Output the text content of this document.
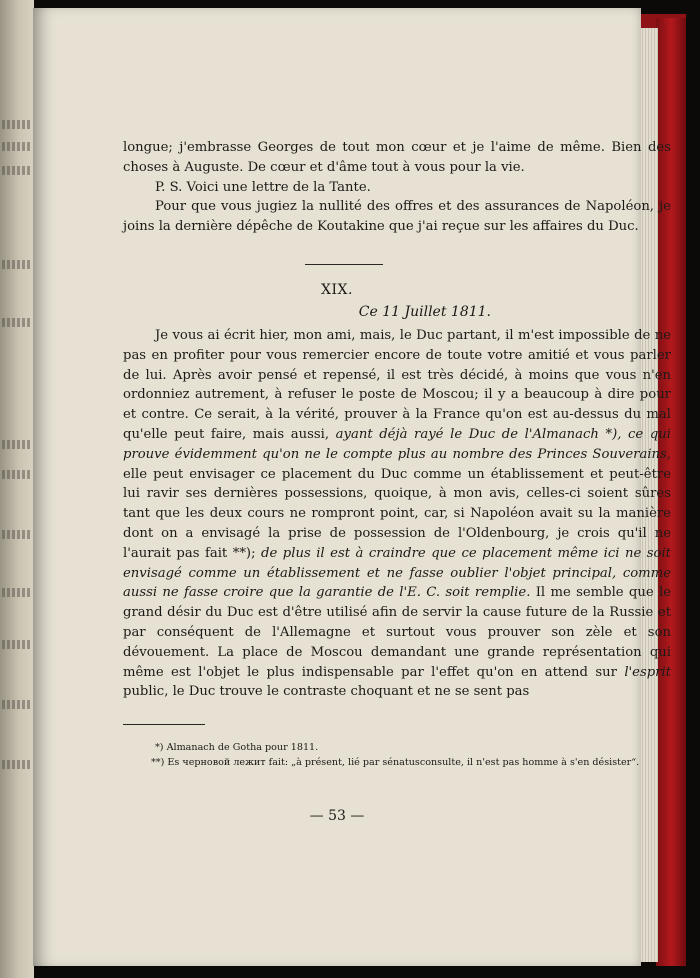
longue; j'embrasse Georges de tout mon cœur et je l'aime de même. Bien des choses à Auguste. De cœur et d'âme tout à vous pour la vie.

P. S. Voici une lettre de la Tante.

Pour que vous jugiez la nullité des offres et des assurances de Napoléon, je joins la dernière dépêche de Koutakine que j'ai reçue sur les affaires du Duc.

XIX.
Ce 11 Juillet 1811.

Je vous ai écrit hier, mon ami, mais, le Duc partant, il m'est impossible de ne pas en profiter pour vous remercier encore de toute votre amitié et vous parler de lui. Après avoir pensé et repensé, il est très décidé, à moins que vous n'en ordonniez autrement, à refuser le poste de Moscou; il y a beaucoup à dire pour et contre. Ce serait, à la vérité, prouver à la France qu'on est au-dessus du mal qu'elle peut faire, mais aussi, ayant déjà rayé le Duc de l'Almanach *), ce qui prouve évidemment qu'on ne le compte plus au nombre des Princes Souverains, elle peut envisager ce placement du Duc comme un établissement et peut-être lui ravir ses dernières possessions, quoique, à mon avis, celles-ci soient sûres tant que les deux cours ne rompront point, car, si Napoléon avait su la manière dont on a envisagé la prise de possession de l'Oldenbourg, je crois qu'il ne l'aurait pas fait **); de plus il est à craindre que ce placement même ici ne soit envisagé comme un établissement et ne fasse oublier l'objet principal, comme aussi ne fasse croire que la garantie de l'E. C. soit remplie. Il me semble que le grand désir du Duc est d'être utilisé afin de servir la cause future de la Russie et par conséquent de l'Allemagne et surtout vous prouver son zèle et son dévouement. La place de Moscou demandant une grande représentation qui même est l'objet le plus indispensable par l'effet qu'on en attend sur l'esprit public, le Duc trouve le contraste choquant et ne se sent pas

*) Almanach de Gotha pour 1811.

**) Es черновой лежит fait: „à présent, lié par sénatusconsulte, il n'est pas homme à s'en désister“.

— 53 —
